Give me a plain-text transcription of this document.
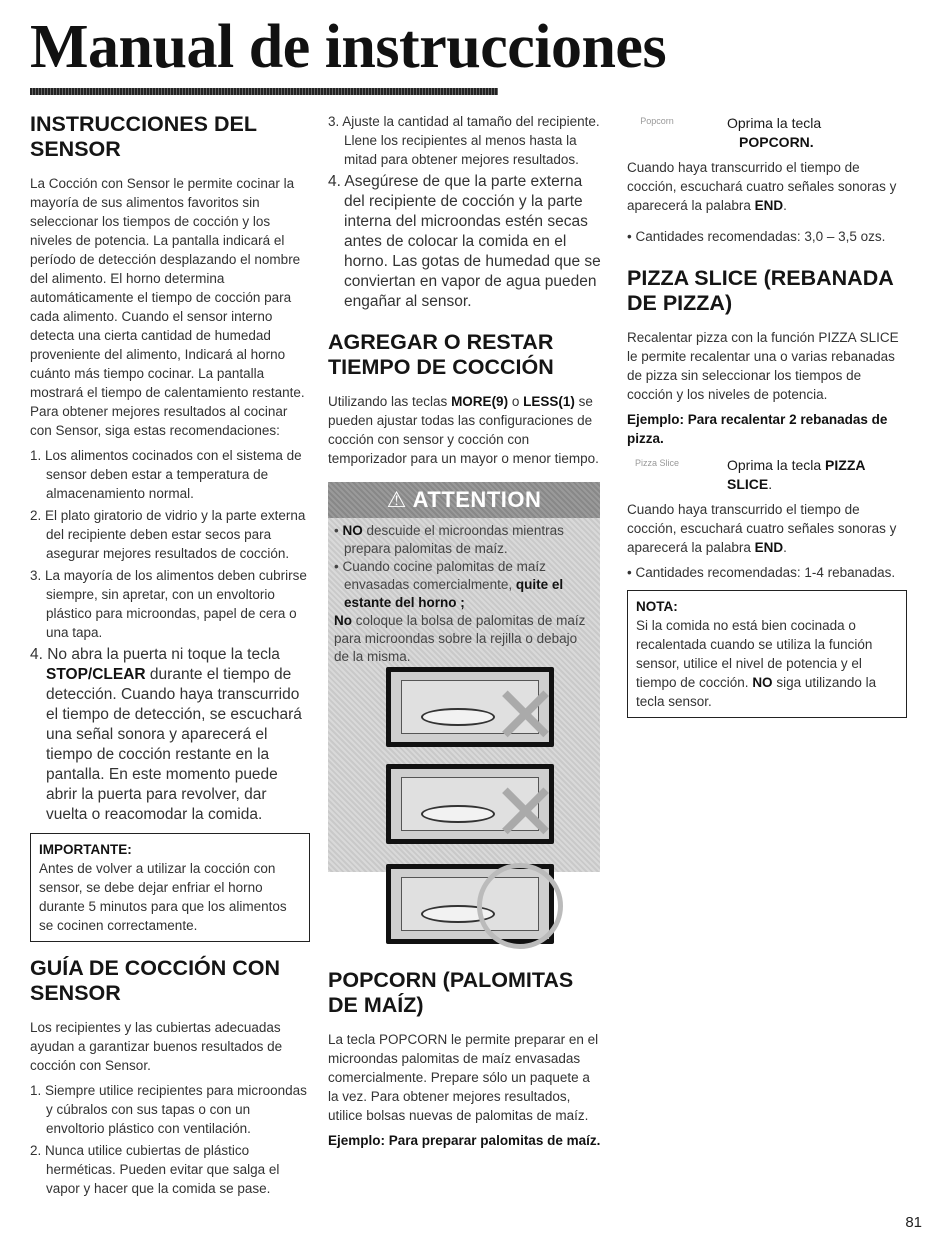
Manual de instrucciones
INSTRUCCIONES DEL SENSOR

La Cocción con Sensor le permite cocinar la mayoría de sus alimentos favoritos sin seleccionar los tiempos de cocción y los niveles de potencia. La pantalla indicará el período de detección desplazando el nombre del alimento. El horno determina automáticamente el tiempo de cocción para cada alimento. Cuando el sensor interno detecta una cierta cantidad de humedad proveniente del alimento, Indicará al horno cuánto más tiempo cocinar. La pantalla mostrará el tiempo de calentamiento restante. Para obtener mejores resultados al cocinar con Sensor, siga estas recomendaciones:

1. Los alimentos cocinados con el sistema de sensor deben estar a temperatura de almacenamiento normal.
2. El plato giratorio de vidrio y la parte externa del recipiente deben estar secos para asegurar mejores resultados de cocción.
3. La mayoría de los alimentos deben cubrirse siempre, sin apretar, con un envoltorio plástico para microondas, papel de cera o una tapa.
4. No abra la puerta ni toque la tecla STOP/CLEAR durante el tiempo de detección. Cuando haya transcurrido el tiempo de detección, se escuchará una señal sonora y aparecerá el tiempo de cocción restante en la pantalla. En este momento puede abrir la puerta para revolver, dar vuelta o reacomodar la comida.
IMPORTANTE:
Antes de volver a utilizar la cocción con sensor, se debe dejar enfriar el horno durante 5 minutos para que los alimentos se cocinen correctamente.
GUÍA DE COCCIÓN CON SENSOR

Los recipientes y las cubiertas adecuadas ayudan a garantizar buenos resultados de cocción con Sensor.

1. Siempre utilice recipientes para microondas y cúbralos con sus tapas o con un envoltorio plástico con ventilación.
2. Nunca utilice cubiertas de plástico herméticas. Pueden evitar que salga el vapor y hacer que la comida se pase.
3. Ajuste la cantidad al tamaño del recipiente. Llene los recipientes al menos hasta la mitad para obtener mejores resultados.
4. Asegúrese de que la parte externa del recipiente de cocción y la parte interna del microondas estén secas antes de colocar la comida en el horno. Las gotas de humedad que se conviertan en vapor de agua pueden engañar al sensor.
AGREGAR O RESTAR TIEMPO DE COCCIÓN

Utilizando las teclas MORE(9) o LESS(1) se pueden ajustar todas las configuraciones de cocción con sensor y cocción con temporizador para un mayor o menor tiempo.

⚠ ATTENTION
• NO descuide el microondas mientras prepara palomitas de maíz.
• Cuando cocine palomitas de maíz envasadas comercialmente, quite el estante del horno ;
No coloque la bolsa de palomitas de maíz para microondas sobre la rejilla o debajo de la misma.
✕
✕
POPCORN (PALOMITAS DE MAÍZ)

La tecla POPCORN le permite preparar en el microondas palomitas de maíz envasadas comercialmente. Prepare sólo un paquete a la vez. Para obtener mejores resultados, utilice bolsas nuevas de palomitas de maíz.

Ejemplo: Para preparar palomitas de maíz.

Popcorn	Oprima la tecla
POPCORN.

Cuando haya transcurrido el tiempo de cocción, escuchará cuatro señales sonoras y aparecerá la palabra END.

• Cantidades recomendadas: 3,0 – 3,5 ozs.

PIZZA SLICE (REBANADA DE PIZZA)

Recalentar pizza con la función PIZZA SLICE le permite recalentar una o varias rebanadas de pizza sin seleccionar los tiempos de cocción y los niveles de potencia.

Ejemplo: Para recalentar 2 rebanadas de pizza.

Pizza Slice	Oprima la tecla PIZZA
SLICE.

Cuando haya transcurrido el tiempo de cocción, escuchará cuatro señales sonoras y aparecerá la palabra END.

• Cantidades recomendadas: 1-4 rebanadas.

NOTA:
Si la comida no está bien cocinada o recalentada cuando se utiliza la función sensor, utilice el nivel de potencia y el tiempo de cocción. NO siga utilizando la tecla sensor.
81
